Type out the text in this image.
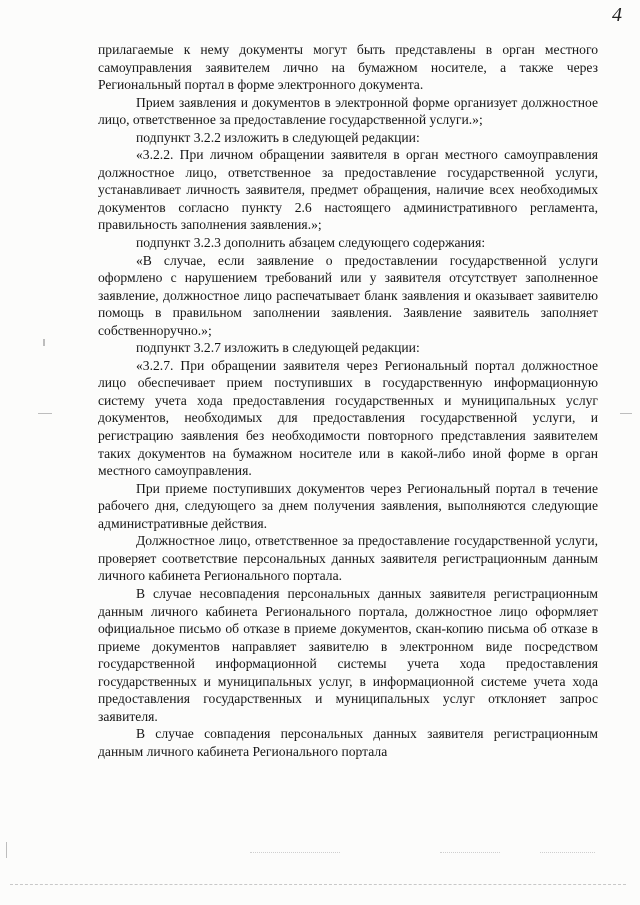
4

прилагаемые к нему документы могут быть представлены в орган местного самоуправления заявителем лично на бумажном носителе, а также через Региональный портал в форме электронного документа.

Прием заявления и документов в электронной форме организует должностное лицо, ответственное за предоставление государственной услуги.»;

подпункт 3.2.2 изложить в следующей редакции:

«3.2.2. При личном обращении заявителя в орган местного самоуправления должностное лицо, ответственное за предоставление государственной услуги, устанавливает личность заявителя, предмет обращения, наличие всех необходимых документов согласно пункту 2.6 настоящего административного регламента, правильность заполнения заявления.»;

подпункт 3.2.3 дополнить абзацем следующего содержания:

«В случае, если заявление о предоставлении государственной услуги оформлено с нарушением требований или у заявителя отсутствует заполненное заявление, должностное лицо распечатывает бланк заявления и оказывает заявителю помощь в правильном заполнении заявления. Заявление заявитель заполняет собственноручно.»;

подпункт 3.2.7 изложить в следующей редакции:

«3.2.7. При обращении заявителя через Региональный портал должностное лицо обеспечивает прием поступивших в государственную информационную систему учета хода предоставления государственных и муниципальных услуг документов, необходимых для предоставления государственной услуги, и регистрацию заявления без необходимости повторного представления заявителем таких документов на бумажном носителе или в какой-либо иной форме в орган местного самоуправления.

При приеме поступивших документов через Региональный портал в течение рабочего дня, следующего за днем получения заявления, выполняются следующие административные действия.

Должностное лицо, ответственное за предоставление государственной услуги, проверяет соответствие персональных данных заявителя регистрационным данным личного кабинета Регионального портала.

В случае несовпадения персональных данных заявителя регистрационным данным личного кабинета Регионального портала, должностное лицо оформляет официальное письмо об отказе в приеме документов, скан-копию письма об отказе в приеме документов направляет заявителю в электронном виде посредством государственной информационной системы учета хода предоставления государственных и муниципальных услуг, в информационной системе учета хода предоставления государственных и муниципальных услуг отклоняет запрос заявителя.

В случае совпадения персональных данных заявителя регистрационным данным личного кабинета Регионального портала
